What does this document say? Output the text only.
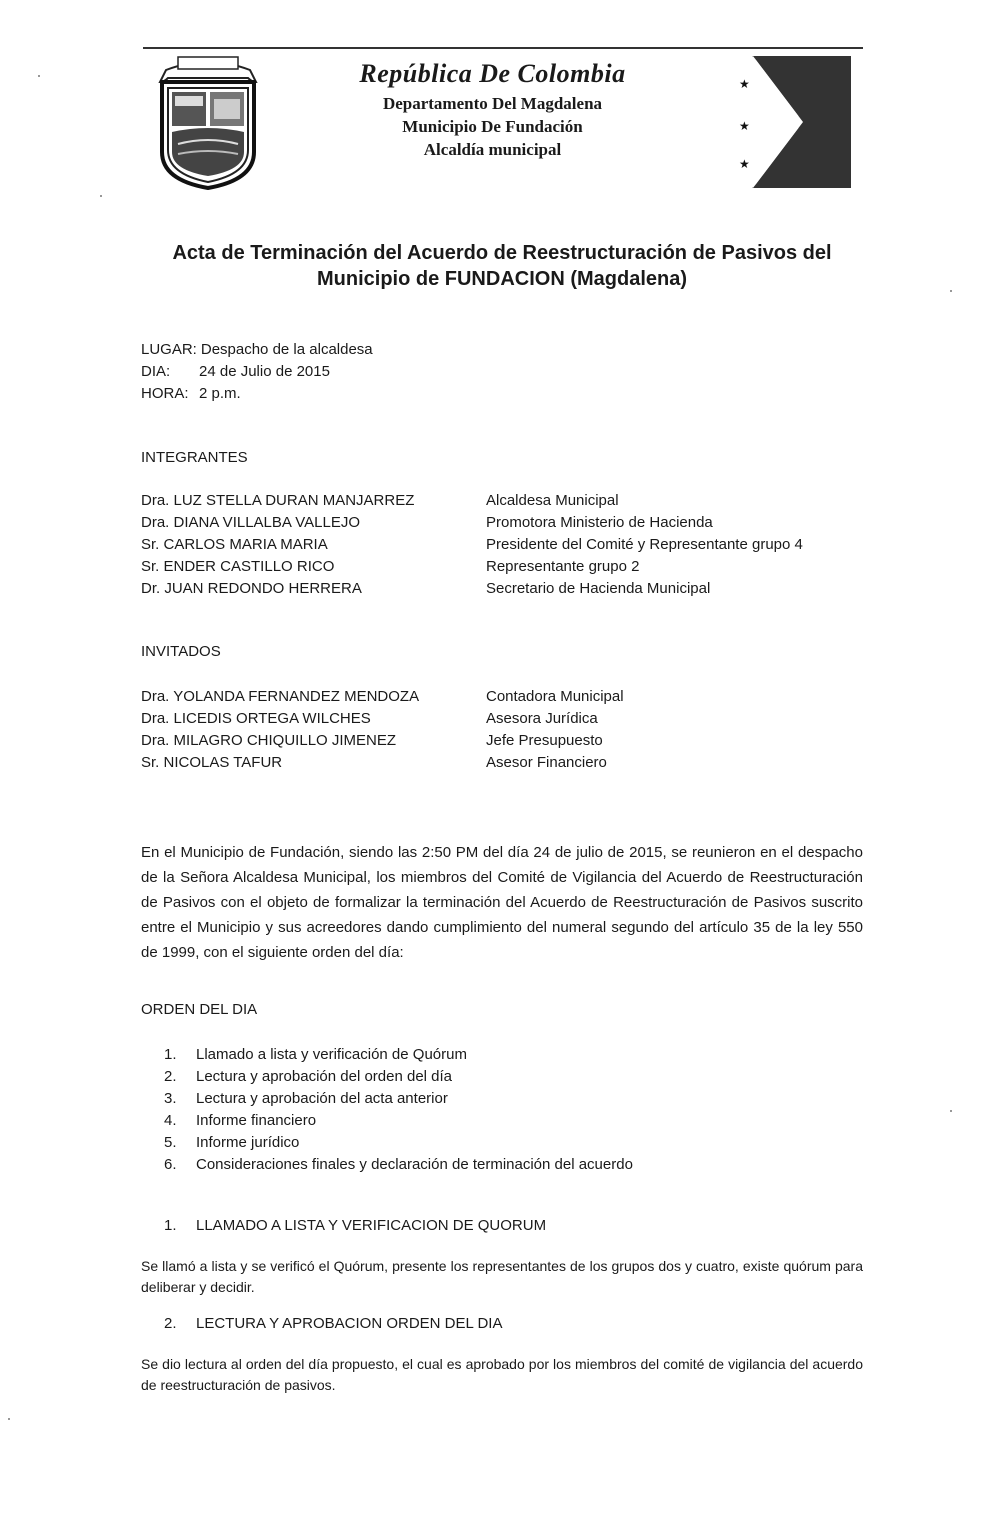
República De Colombia
Departamento Del Magdalena
Municipio De Fundación
Alcaldía municipal
★
★
★
Acta de Terminación del Acuerdo de Reestructuración de Pasivos del Municipio de FUNDACION (Magdalena)
LUGAR: Despacho de la alcaldesa
DIA:	24 de Julio de 2015
HORA: 2 p.m.
INTEGRANTES
Dra. LUZ STELLA DURAN MANJARREZ	Alcaldesa Municipal
Dra. DIANA VILLALBA VALLEJO	Promotora Ministerio de Hacienda
Sr. CARLOS MARIA MARIA	Presidente del Comité y Representante grupo 4
Sr. ENDER CASTILLO RICO	Representante grupo 2
Dr. JUAN REDONDO HERRERA	Secretario de Hacienda Municipal
INVITADOS
Dra. YOLANDA FERNANDEZ MENDOZA	Contadora Municipal
Dra. LICEDIS ORTEGA WILCHES	Asesora Jurídica
Dra. MILAGRO CHIQUILLO JIMENEZ	Jefe Presupuesto
Sr. NICOLAS TAFUR	Asesor Financiero
En el Municipio de Fundación, siendo las 2:50 PM del día 24 de julio de 2015, se reunieron en el despacho de la Señora Alcaldesa Municipal, los miembros del Comité de Vigilancia del Acuerdo de Reestructuración de Pasivos con el objeto de formalizar la terminación del Acuerdo de Reestructuración de Pasivos suscrito entre el Municipio y sus acreedores dando cumplimiento del numeral segundo del artículo 35 de la ley 550 de 1999, con el siguiente orden del día:
ORDEN DEL DIA
1.	Llamado a lista y verificación de Quórum
2.	Lectura y aprobación del orden del día
3.	Lectura y aprobación del acta anterior
4.	Informe financiero
5.	Informe jurídico
6.	Consideraciones finales y declaración de terminación del acuerdo
1. LLAMADO A LISTA Y VERIFICACION DE QUORUM
Se llamó a lista y se verificó el Quórum, presente los representantes de los grupos dos y cuatro, existe quórum para deliberar y decidir.
2. LECTURA Y APROBACION ORDEN DEL DIA
Se dio lectura al orden del día propuesto, el cual es aprobado por los miembros del comité de vigilancia del acuerdo de reestructuración de pasivos.
